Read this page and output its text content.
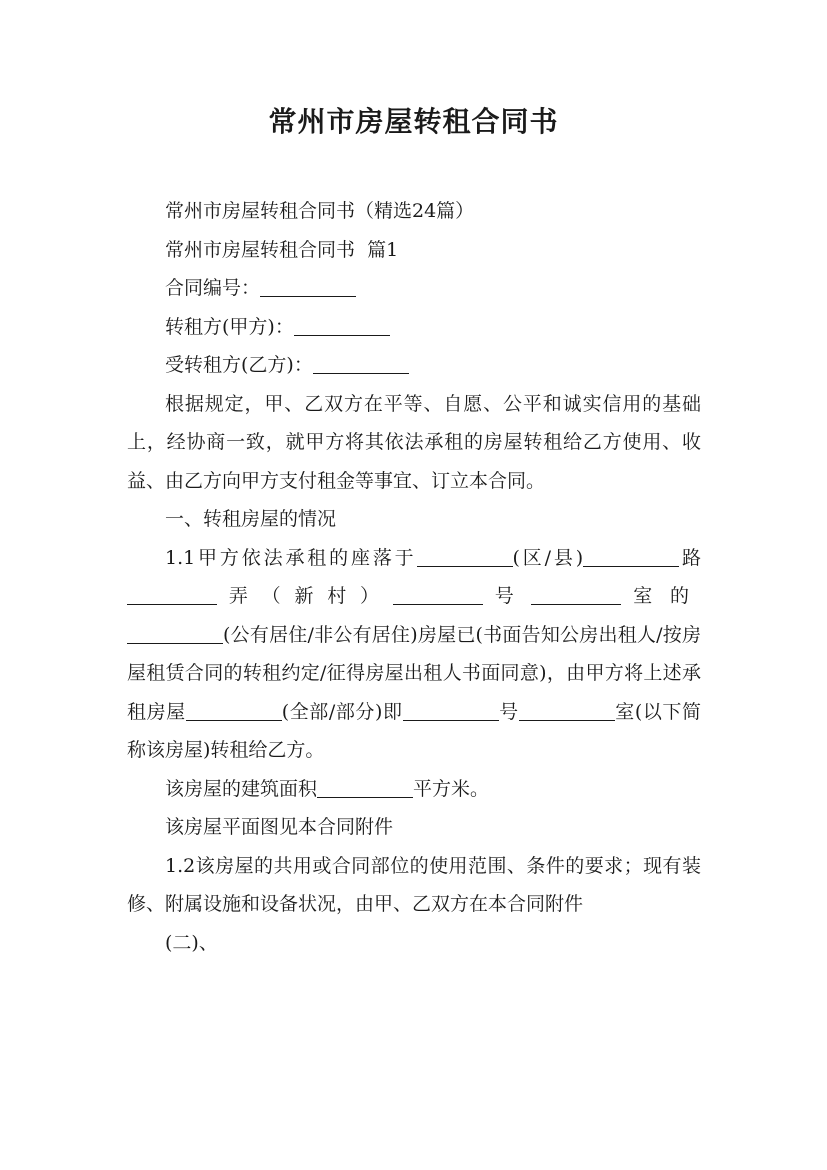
常州市房屋转租合同书

常州市房屋转租合同书（精选24篇）

常州市房屋转租合同书  篇1

合同编号：

转租方(甲方)：

受转租方(乙方)：

根据规定，甲、乙双方在平等、自愿、公平和诚实信用的基础上，经协商一致，就甲方将其依法承租的房屋转租给乙方使用、收益、由乙方向甲方支付租金等事宜、订立本合同。

一、转租房屋的情况

1.1甲方依法承租的座落于	(区/县)	路  弄（新村）	号	室的(公有居住/非公有居住)房屋已(书面告知公房出租人/按房屋租赁合同的转租约定/征得房屋出租人书面同意)，由甲方将上述承租房屋	(全部/部分)即	号	室(以下简称该房屋)转租给乙方。

该房屋的建筑面积	平方米。

该房屋平面图见本合同附件

1.2该房屋的共用或合同部位的使用范围、条件的要求；现有装修、附属设施和设备状况，由甲、乙双方在本合同附件

(二)、
